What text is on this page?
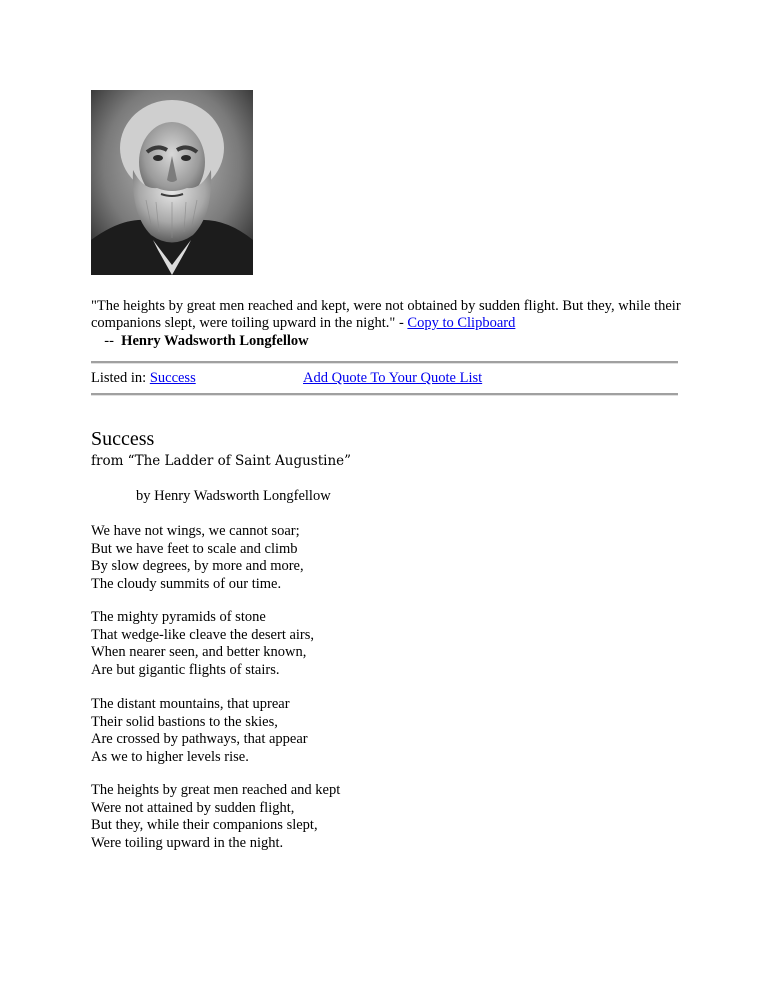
"The heights by great men reached and kept, were not obtained by sudden flight. But they, while their companions slept, were toiling upward in the night." - Copy to Clipboard
--  Henry Wadsworth Longfellow
Listed in: Success	Add Quote To Your Quote List
Success
from “The Ladder of Saint Augustine”
by Henry Wadsworth Longfellow
We have not wings, we cannot soar;
But we have feet to scale and climb
By slow degrees, by more and more,
The cloudy summits of our time.
The mighty pyramids of stone
That wedge-like cleave the desert airs,
When nearer seen, and better known,
Are but gigantic flights of stairs.
The distant mountains, that uprear
Their solid bastions to the skies,
Are crossed by pathways, that appear
As we to higher levels rise.
The heights by great men reached and kept
Were not attained by sudden flight,
But they, while their companions slept,
Were toiling upward in the night.
